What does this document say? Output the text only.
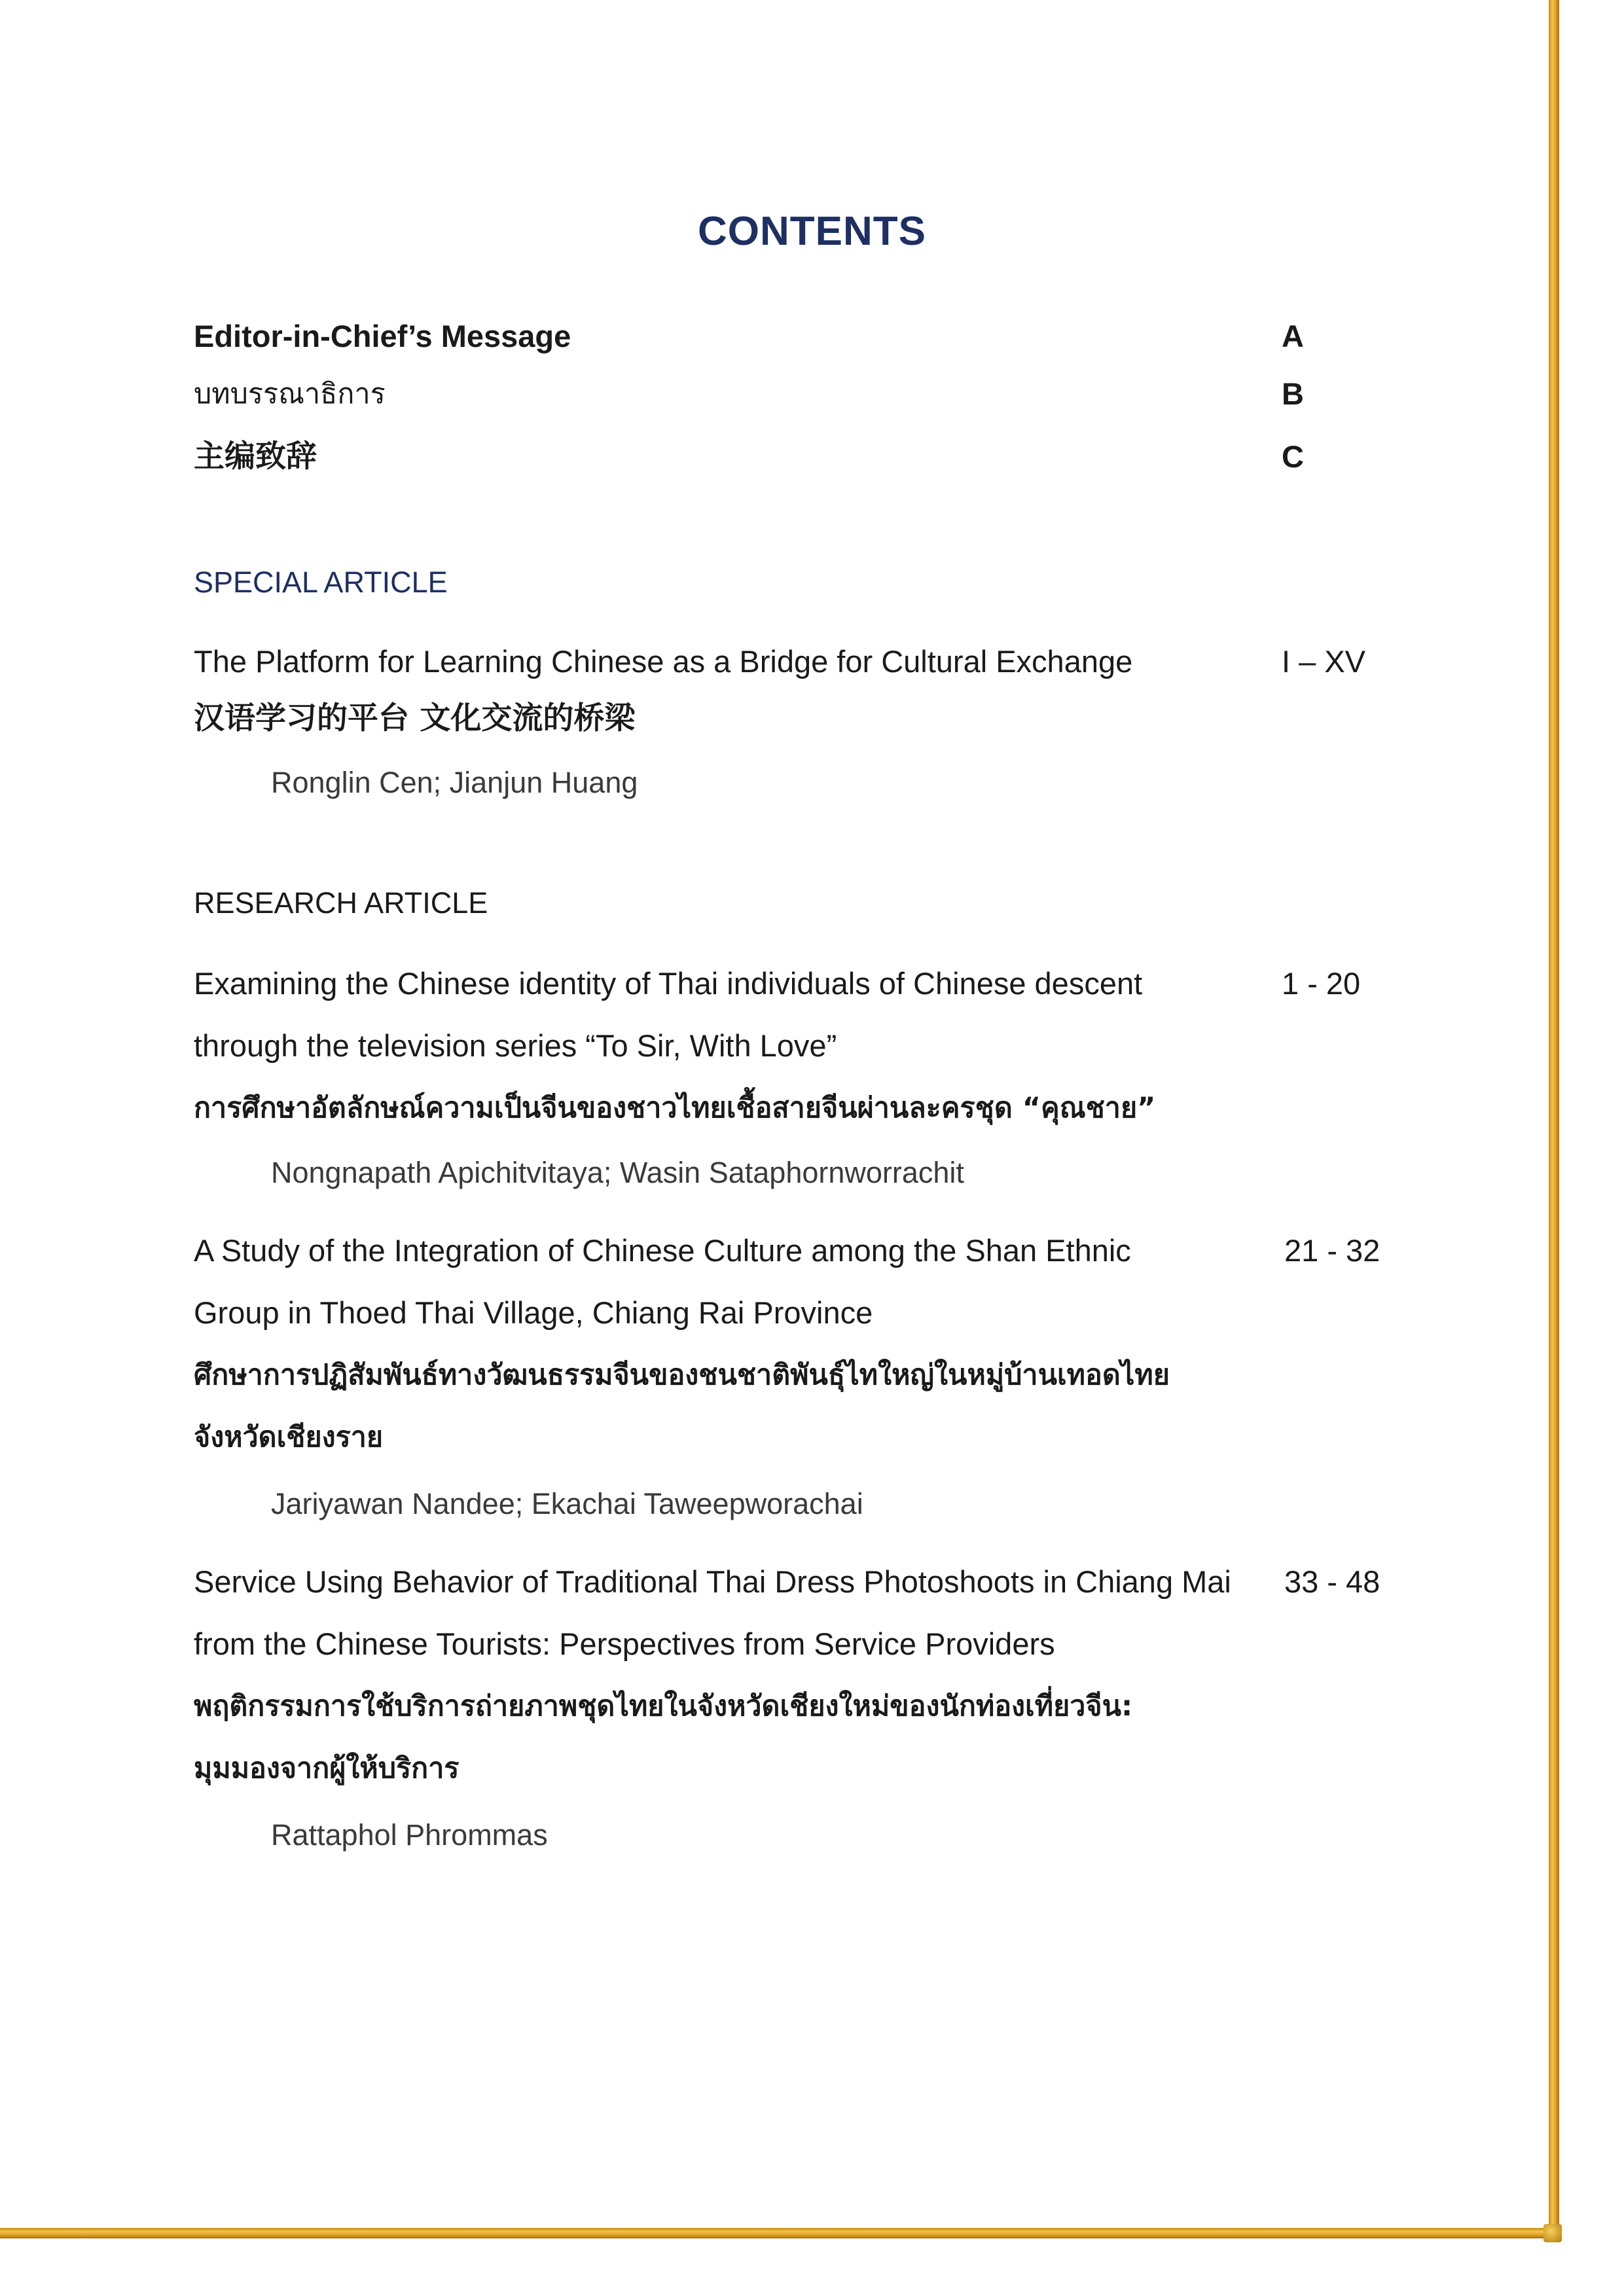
CONTENTS
Editor-in-Chief’s Message	A
บทบรรณาธิการ	B
主编致辞	C
SPECIAL ARTICLE
The Platform for Learning Chinese as a Bridge for Cultural Exchange	I – XV
汉语学习的平台 文化交流的桥梁
Ronglin Cen; Jianjun Huang
RESEARCH ARTICLE
Examining the Chinese identity of Thai individuals of Chinese descent	1 - 20
through the television series “To Sir, With Love”
การศึกษาอัตลักษณ์ความเป็นจีนของชาวไทยเชื้อสายจีนผ่านละครชุด “คุณชาย”
Nongnapath Apichitvitaya; Wasin Sataphornworrachit
A Study of the Integration of Chinese Culture among the Shan Ethnic	21 - 32
Group in Thoed Thai Village, Chiang Rai Province
ศึกษาการปฏิสัมพันธ์ทางวัฒนธรรมจีนของชนชาติพันธุ์ไทใหญ่ในหมู่บ้านเทอดไทย
จังหวัดเชียงราย
Jariyawan Nandee; Ekachai Taweepworachai
Service Using Behavior of Traditional Thai Dress Photoshoots in Chiang Mai 33 - 48
from the Chinese Tourists: Perspectives from Service Providers
พฤติกรรมการใช้บริการถ่ายภาพชุดไทยในจังหวัดเชียงใหม่ของนักท่องเที่ยวจีน:
มุมมองจากผู้ให้บริการ
Rattaphol Phrommas
